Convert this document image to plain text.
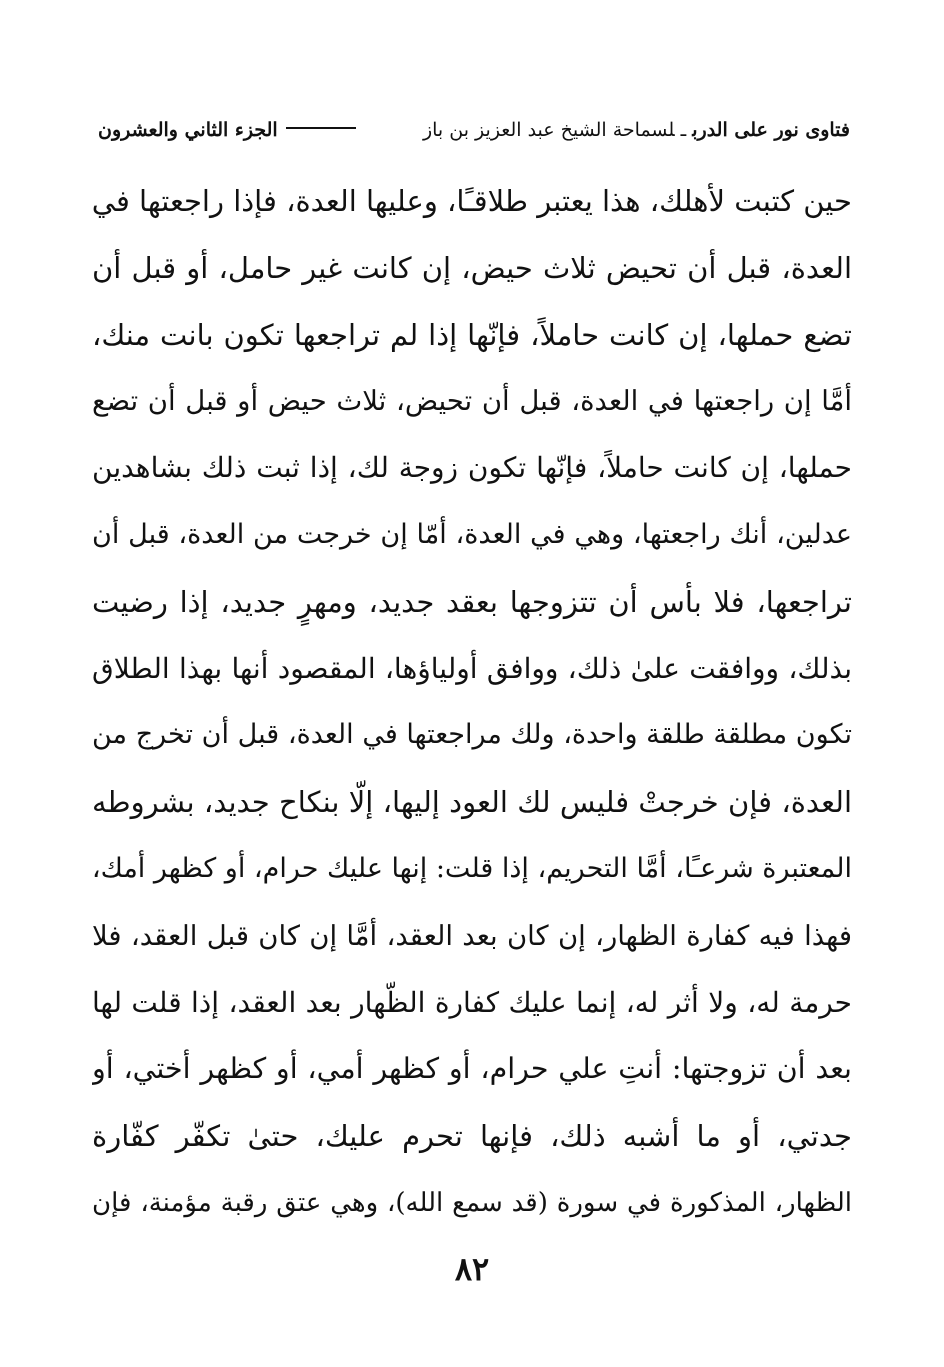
فتاوى نور على الدربـلسماحة الشيخ عبد العزيز بن باز
الجزء الثاني والعشرون
حين كتبت لأهلك، هذا يعتبر طلاقـًا، وعليها العدة، فإذا راجعتها في
العدة، قبل أن تحيض ثلاث حيض، إن كانت غير حامل، أو قبل أن
تضع حملها، إن كانت حاملاً، فإنّها إذا لم تراجعها تكون بانت منك،
أمَّا إن راجعتها في العدة، قبل أن تحيض، ثلاث حيض أو قبل أن تضع
حملها، إن كانت حاملاً، فإنّها تكون زوجة لك، إذا ثبت ذلك بشاهدين
عدلين، أنك راجعتها، وهي في العدة، أمّا إن خرجت من العدة، قبل أن
تراجعها، فلا بأس أن تتزوجها بعقد جديد، ومهرٍ جديد، إذا رضيت
بذلك، ووافقت علىٰ ذلك، ووافق أولياؤها، المقصود أنها بهذا الطلاق
تكون مطلقة طلقة واحدة، ولك مراجعتها في العدة، قبل أن تخرج من
العدة، فإن خرجتْ فليس لك العود إليها، إلّا بنكاح جديد، بشروطه
المعتبرة شرعـًا، أمَّا التحريم، إذا قلت: إنها عليك حرام، أو كظهر أمك،
فهذا فيه كفارة الظهار، إن كان بعد العقد، أمَّا إن كان قبل العقد، فلا
حرمة له، ولا أثر له، إنما عليك كفارة الظّهار بعد العقد، إذا قلت لها
بعد أن تزوجتها: أنتِ علي حرام، أو كظهر أمي، أو كظهر أختي، أو
جدتي، أو ما أشبه ذلك، فإنها تحرم عليك، حتىٰ تكفّر كفّارة
الظهار، المذكورة في سورة (قد سمع الله)، وهي عتق رقبة مؤمنة، فإن
٨٢
